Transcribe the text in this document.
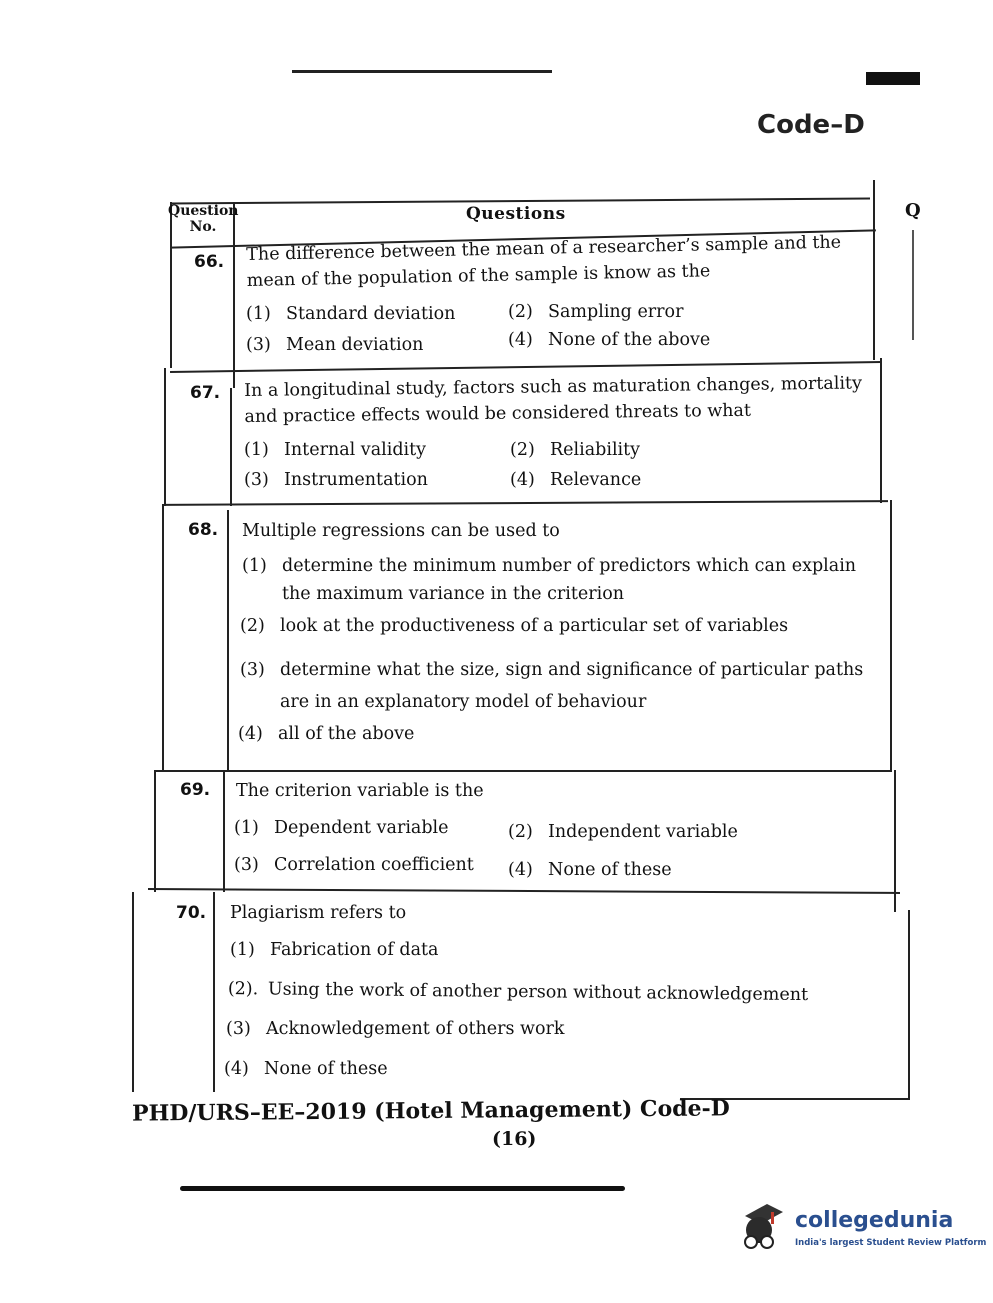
Code–D
Q
Question
No.
Questions
66. The difference between the mean of a researcher’s sample and the mean of the population of the sample is know as the
(1) Standard deviation	(2) Sampling error
(3) Mean deviation	(4) None of the above
67. In a longitudinal study, factors such as maturation changes, mortality and practice effects would be considered threats to what
(1) Internal validity	(2) Reliability
(3) Instrumentation	(4) Relevance
68. Multiple regressions can be used to
(1) determine the minimum number of predictors which can explain the maximum variance in the criterion
(2) look at the productiveness of a particular set of variables
(3) determine what the size, sign and significance of particular paths are in an explanatory model of behaviour
(4) all of the above
69. The criterion variable is the
(1) Dependent variable	(2) Independent variable
(3) Correlation coefficient (4) None of these
70. Plagiarism refers to
(1) Fabrication of data
(2). Using the work of another person without acknowledgement
(3) Acknowledgement of others work
(4) None of these
PHD/URS–EE–2019 (Hotel Management) Code-D
(16)
collegedunia
India's largest Student Review Platform
